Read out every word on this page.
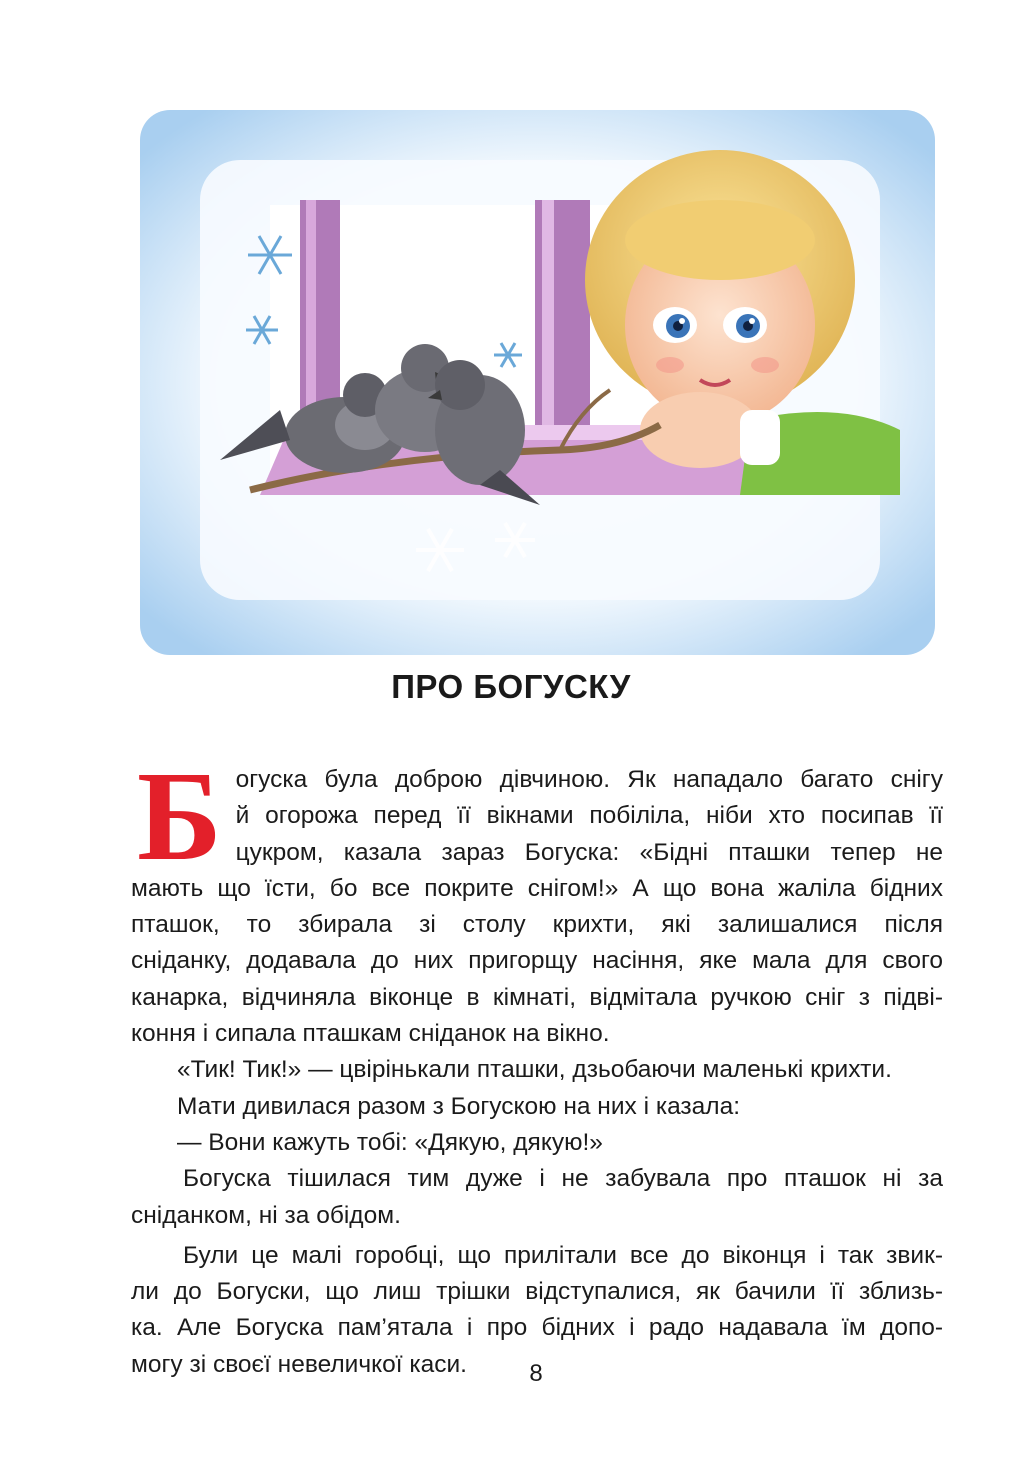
ПРО БОГУСКУ
Б огуска була доброю дівчиною. Як нападало багато снігу
й огорожа перед її вікнами побіліла, ніби хто посипав її
цукром, казала зараз Богуска: «Бідні пташки тепер не
мають що їсти, бо все покрите снігом!» А що вона жаліла бідних
пташок, то збирала зі столу крихти, які залишалися після
сніданку, додавала до них пригорщу насіння, яке мала для свого
канарка, відчиняла віконце в кімнаті, відмітала ручкою сніг з підві-
коння і сипала пташкам сніданок на вікно.
«Тик! Тик!» — цвірінькали пташки, дзьобаючи маленькі крихти.
Мати дивилася разом з Богускою на них і казала:
— Вони кажуть тобі: «Дякую, дякую!»
Богуска тішилася тим дуже і не забувала про пташок ні за
сніданком, ні за обідом.
Були це малі горобці, що прилітали все до віконця і так звик-
ли до Богуски, що лиш трішки відступалися, як бачили її зблизь-
ка. Але Богуска пам’ятала і про бідних і радо надавала їм допо-
могу зі своєї невеличкої каси.	8
